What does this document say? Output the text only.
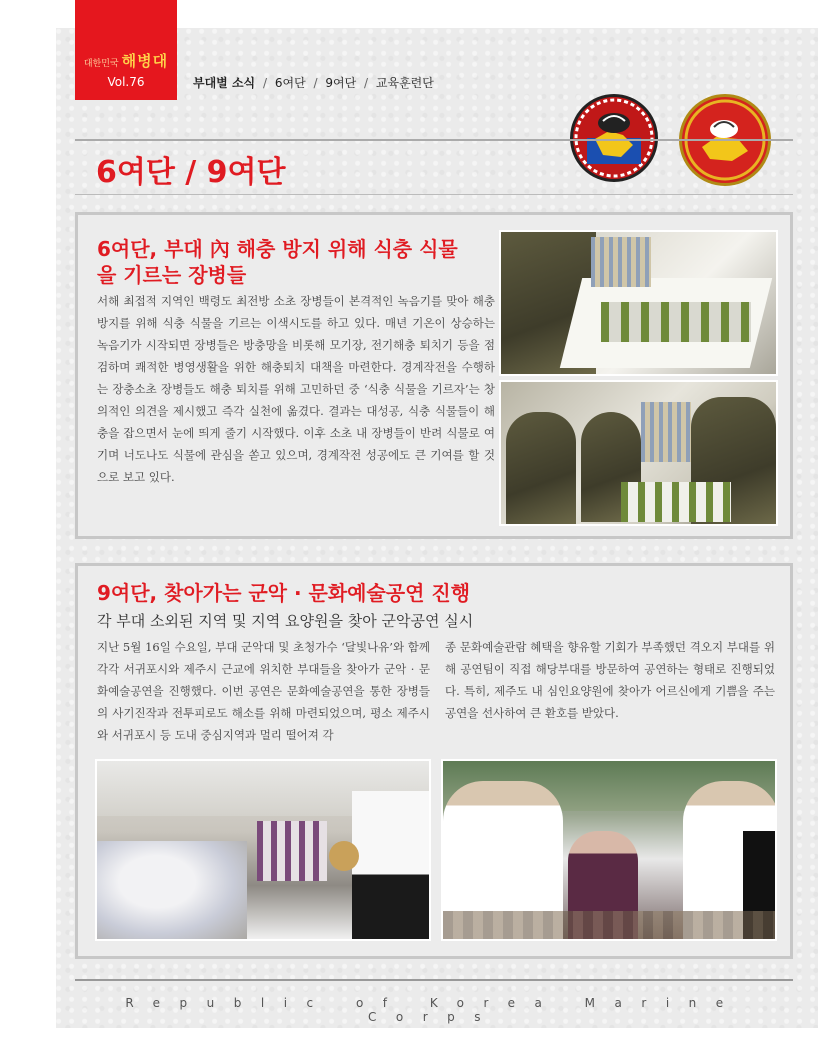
대한민국 해병대
Vol.76	부대별 소식 / 6여단 / 9여단 / 교육훈련단
6여단 / 9여단
6여단, 부대 內 해충 방지 위해 식충 식물을 기르는 장병들

서해 최접적 지역인 백령도 최전방 소초 장병들이 본격적인 녹음기를 맞아 해충 방지를 위해 식충 식물을 기르는 이색시도를 하고 있다. 매년 기온이 상승하는 녹음기가 시작되면 장병들은 방충망을 비롯해 모기장, 전기해충 퇴치기 등을 점검하며 쾌적한 병영생활을 위한 해충퇴치 대책을 마련한다. 경계작전을 수행하는 장충소초 장병들도 해충 퇴치를 위해 고민하던 중 ‘식충 식물을 기르자’는 창의적인 의견을 제시했고 즉각 실천에 옮겼다. 결과는 대성공, 식충 식물들이 해충을 잡으면서 눈에 띄게 줄기 시작했다. 이후 소초 내 장병들이 반려 식물로 여기며 너도나도 식물에 관심을 쏟고 있으며, 경계작전 성공에도 큰 기여를 할 것으로 보고 있다.

9여단, 찾아가는 군악 · 문화예술공연 진행
각 부대 소외된 지역 및 지역 요양원을 찾아 군악공연 실시

지난 5월 16일 수요일, 부대 군악대 및 초청가수 ‘달빛나유’와 함께 각각 서귀포시와 제주시 근교에 위치한 부대들을 찾아가 군악 · 문화예술공연을 진행했다. 이번 공연은 문화예술공연을 통한 장병들의 사기진작과 전투피로도 해소를 위해 마련되었으며, 평소 제주시와 서귀포시 등 도내 중심지역과 멀리 떨어져 각

종 문화예술관람 혜택을 향유할 기회가 부족했던 격오지 부대를 위해 공연팀이 직접 해당부대를 방문하여 공연하는 형태로 진행되었다. 특히, 제주도 내 심인요양원에 찾아가 어르신에게 기쁨을 주는 공연을 선사하여 큰 환호를 받았다.

Republic of Korea Marine Corps
